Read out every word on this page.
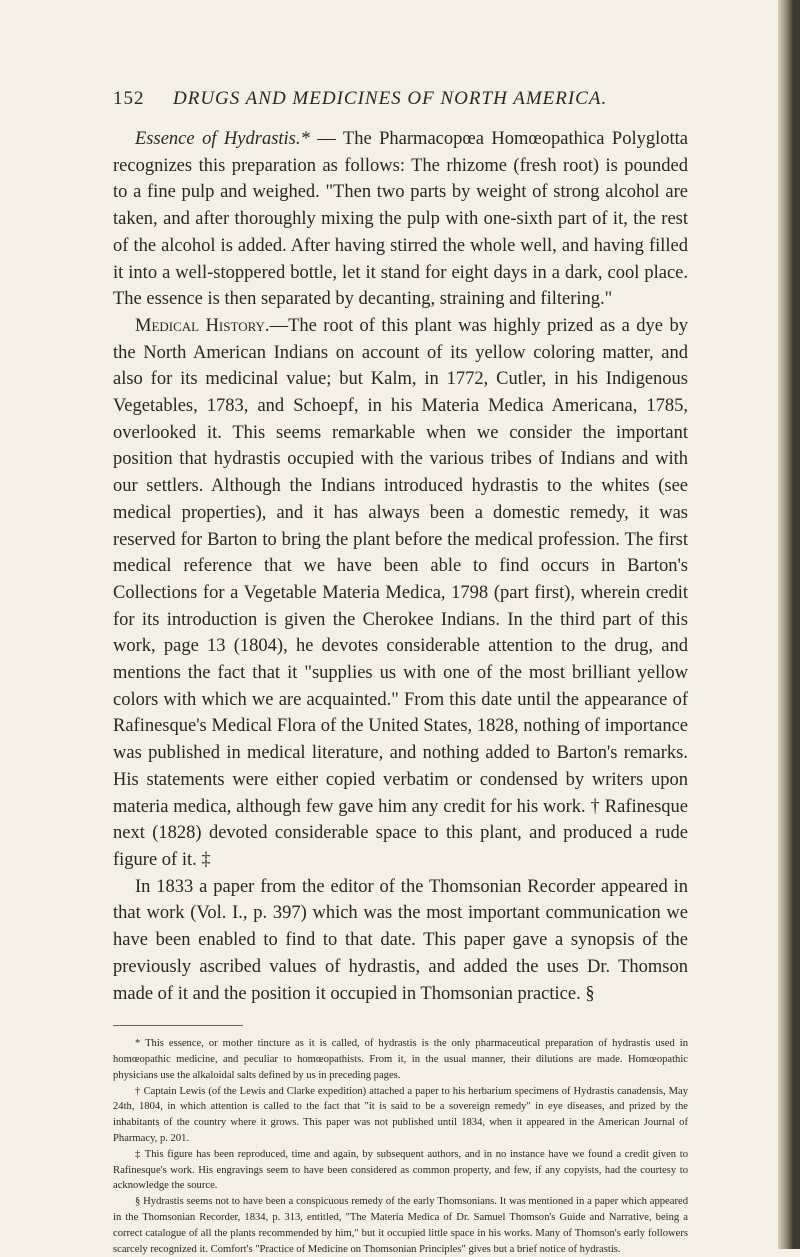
152 DRUGS AND MEDICINES OF NORTH AMERICA.

Essence of Hydrastis.* — The Pharmacopœa Homœopathica Polyglotta recognizes this preparation as follows: The rhizome (fresh root) is pounded to a fine pulp and weighed. "Then two parts by weight of strong alcohol are taken, and after thoroughly mixing the pulp with one-sixth part of it, the rest of the alcohol is added. After having stirred the whole well, and having filled it into a well-stoppered bottle, let it stand for eight days in a dark, cool place. The essence is then separated by decanting, straining and filtering."

Medical History.—The root of this plant was highly prized as a dye by the North American Indians on account of its yellow coloring matter, and also for its medicinal value; but Kalm, in 1772, Cutler, in his Indigenous Vegetables, 1783, and Schoepf, in his Materia Medica Americana, 1785, overlooked it. This seems remarkable when we consider the important position that hydrastis occupied with the various tribes of Indians and with our settlers. Although the Indians introduced hydrastis to the whites (see medical properties), and it has always been a domestic remedy, it was reserved for Barton to bring the plant before the medical profession. The first medical reference that we have been able to find occurs in Barton's Collections for a Vegetable Materia Medica, 1798 (part first), wherein credit for its introduction is given the Cherokee Indians. In the third part of this work, page 13 (1804), he devotes considerable attention to the drug, and mentions the fact that it "supplies us with one of the most brilliant yellow colors with which we are acquainted." From this date until the appearance of Rafinesque's Medical Flora of the United States, 1828, nothing of importance was published in medical literature, and nothing added to Barton's remarks. His statements were either copied verbatim or condensed by writers upon materia medica, although few gave him any credit for his work. † Rafinesque next (1828) devoted considerable space to this plant, and produced a rude figure of it. ‡

In 1833 a paper from the editor of the Thomsonian Recorder appeared in that work (Vol. I., p. 397) which was the most important communication we have been enabled to find to that date. This paper gave a synopsis of the previously ascribed values of hydrastis, and added the uses Dr. Thomson made of it and the position it occupied in Thomsonian practice. §

* This essence, or mother tincture as it is called, of hydrastis is the only pharmaceutical preparation of hydrastis used in homœopathic medicine, and peculiar to homœopathists. From it, in the usual manner, their dilutions are made. Homœopathic physicians use the alkaloidal salts defined by us in preceding pages.

† Captain Lewis (of the Lewis and Clarke expedition) attached a paper to his herbarium specimens of Hydrastis canadensis, May 24th, 1804, in which attention is called to the fact that "it is said to be a sovereign remedy" in eye diseases, and prized by the inhabitants of the country where it grows. This paper was not published until 1834, when it appeared in the American Journal of Pharmacy, p. 201.

‡ This figure has been reproduced, time and again, by subsequent authors, and in no instance have we found a credit given to Rafinesque's work. His engravings seem to have been considered as common property, and few, if any copyists, had the courtesy to acknowledge the source.

§ Hydrastis seems not to have been a conspicuous remedy of the early Thomsonians. It was mentioned in a paper which appeared in the Thomsonian Recorder, 1834, p. 313, entitled, "The Materia Medica of Dr. Samuel Thomson's Guide and Narrative, being a correct catalogue of all the plants recommended by him," but it occupied little space in his works. Many of Thomson's early followers scarcely recognized it. Comfort's "Practice of Medicine on Thomsonian Principles" gives but a brief notice of hydrastis.
